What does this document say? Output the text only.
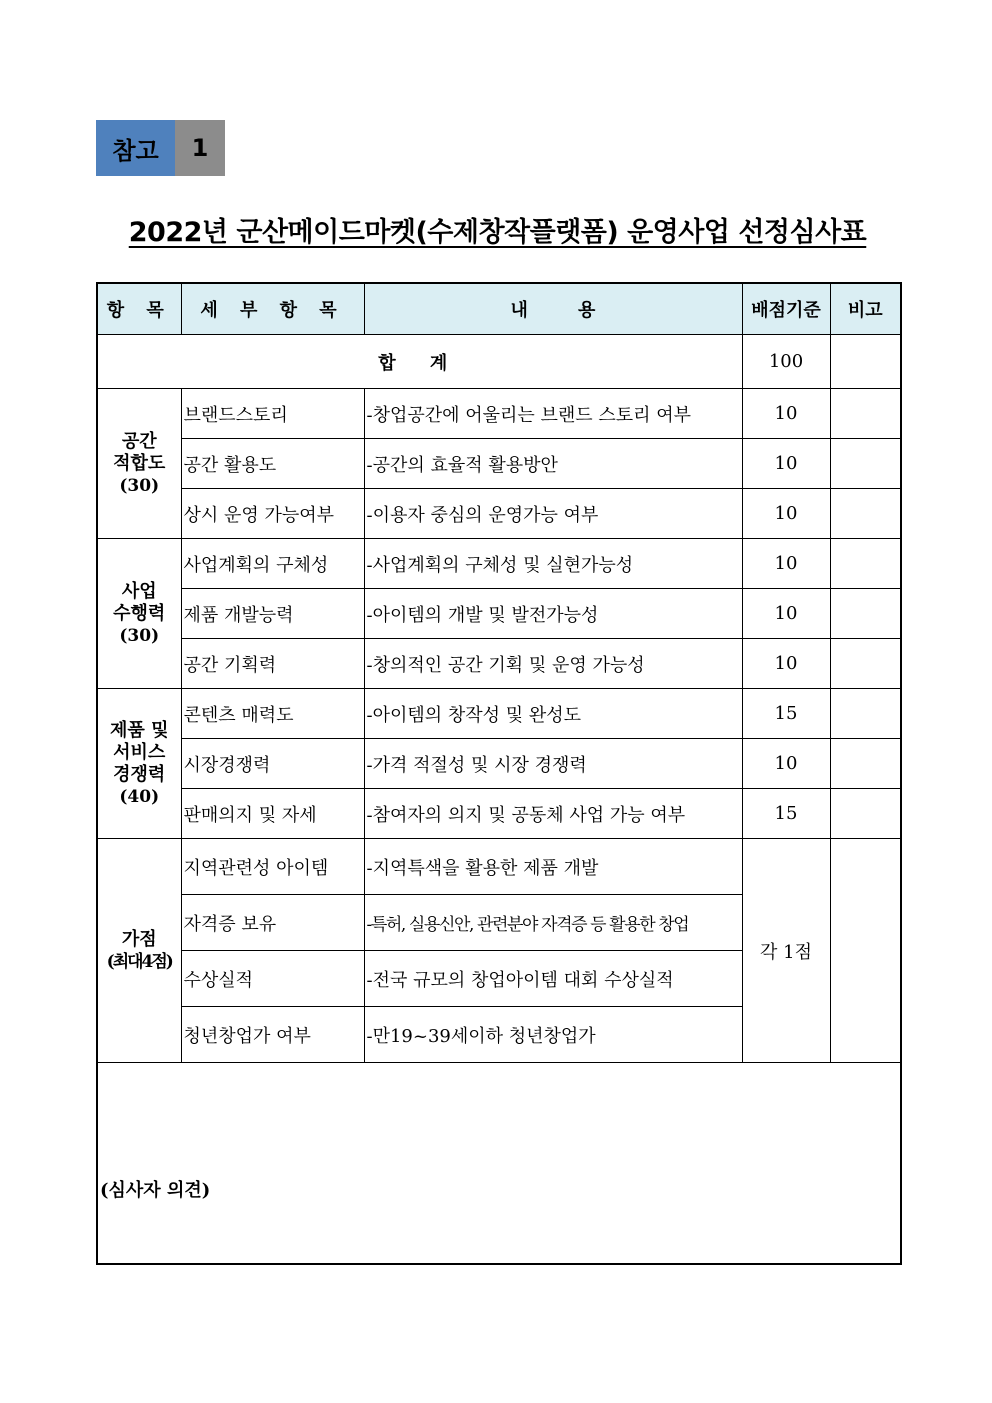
참고	1
2022년 군산메이드마켓(수제창작플랫폼) 운영사업 선정심사표
항 목	세 부 항 목	내        용	배점기준	비고
합 계			100	

공간
적합도
(30)	브랜드스토리	-창업공간에 어울리는 브랜드 스토리 여부	10	
	공간 활용도	-공간의 효율적 활용방안	10	
	상시 운영 가능여부	-이용자 중심의 운영가능 여부	10	

사업
수행력
(30)	사업계획의 구체성	-사업계획의 구체성 및 실현가능성	10	
	제품 개발능력	-아이템의 개발 및 발전가능성	10	
	공간 기획력	-창의적인 공간 기획 및 운영 가능성	10	

제품 및
서비스
경쟁력
(40)	콘텐츠 매력도	-아이템의 창작성 및 완성도	15	
	시장경쟁력	-가격 적절성 및 시장 경쟁력	10	
	판매의지 및 자세	-참여자의 의지 및 공동체 사업 가능 여부	15	

가점
(최대4점)	지역관련성 아이템	-지역특색을 활용한 제품 개발	각 1점	
	자격증 보유	-특허, 실용신안, 관련분야 자격증 등 활용한 창업		
	수상실적	-전국 규모의 창업아이템 대회 수상실적		
	청년창업가 여부	-만19~39세이하 청년창업가		

(심사자 의견)				
